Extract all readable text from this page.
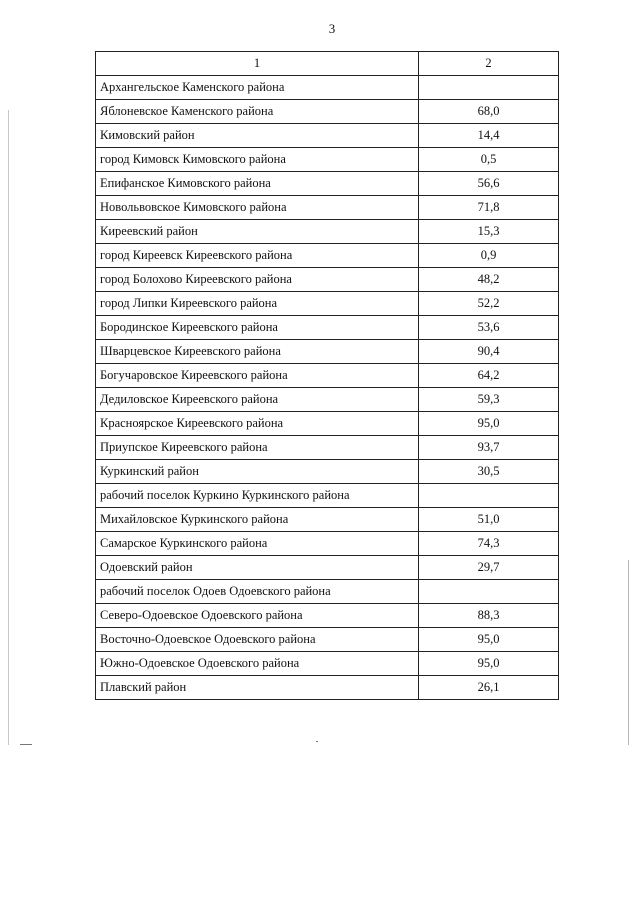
3
1	2
Архангельское Каменского района	
Яблоневское Каменского района	68,0
Кимовский район	14,4
город Кимовск Кимовского района	0,5
Епифанское Кимовского района	56,6
Новольвовское Кимовского района	71,8
Киреевский район	15,3
город Киреевск Киреевского района	0,9
город Болохово Киреевского района	48,2
город Липки Киреевского района	52,2
Бородинское Киреевского района	53,6
Шварцевское Киреевского района	90,4
Богучаровское Киреевского района	64,2
Дедиловское Киреевского района	59,3
Красноярское Киреевского района	95,0
Приупское Киреевского района	93,7
Куркинский район	30,5
рабочий поселок Куркино Куркинского района	
Михайловское Куркинского района	51,0
Самарское Куркинского района	74,3
Одоевский район	29,7
рабочий поселок Одоев Одоевского района	
Северо-Одоевское Одоевского района	88,3
Восточно-Одоевское Одоевского района	95,0
Южно-Одоевское Одоевского района	95,0
Плавский район	26,1
